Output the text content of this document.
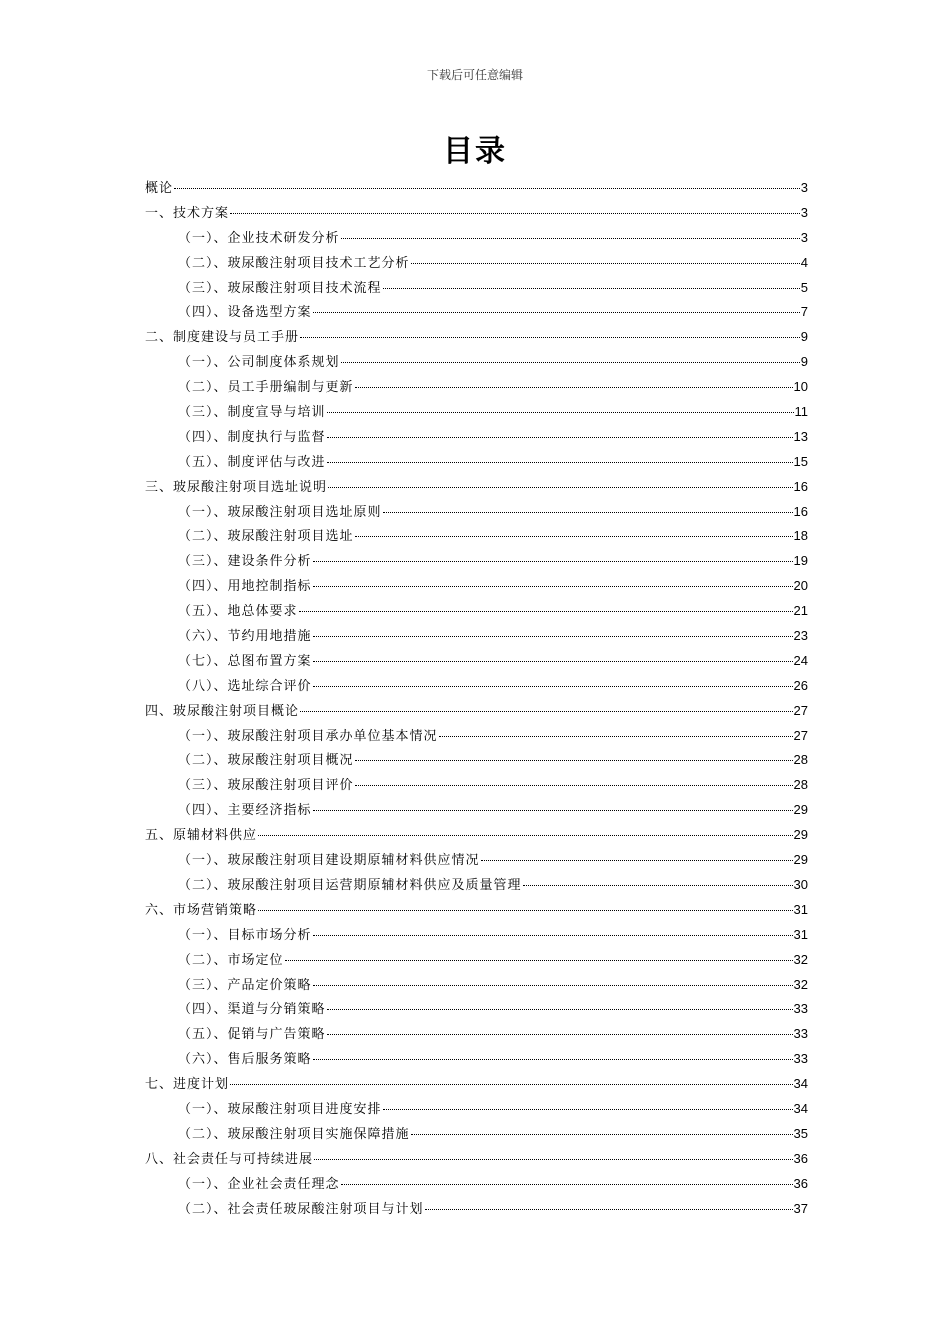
下载后可任意编辑
目录
概论	3
一、技术方案	3
（一）、企业技术研发分析	3
（二）、玻尿酸注射项目技术工艺分析	4
（三）、玻尿酸注射项目技术流程	5
（四）、设备选型方案	7
二、制度建设与员工手册	9
（一）、公司制度体系规划	9
（二）、员工手册编制与更新	10
（三）、制度宣导与培训	11
（四）、制度执行与监督	13
（五）、制度评估与改进	15
三、玻尿酸注射项目选址说明	16
（一）、玻尿酸注射项目选址原则	16
（二）、玻尿酸注射项目选址	18
（三）、建设条件分析	19
（四）、用地控制指标	20
（五）、地总体要求	21
（六）、节约用地措施	23
（七）、总图布置方案	24
（八）、选址综合评价	26
四、玻尿酸注射项目概论	27
（一）、玻尿酸注射项目承办单位基本情况	27
（二）、玻尿酸注射项目概况	28
（三）、玻尿酸注射项目评价	28
（四）、主要经济指标	29
五、原辅材料供应	29
（一）、玻尿酸注射项目建设期原辅材料供应情况	29
（二）、玻尿酸注射项目运营期原辅材料供应及质量管理	30
六、市场营销策略	31
（一）、目标市场分析	31
（二）、市场定位	32
（三）、产品定价策略	32
（四）、渠道与分销策略	33
（五）、促销与广告策略	33
（六）、售后服务策略	33
七、进度计划	34
（一）、玻尿酸注射项目进度安排	34
（二）、玻尿酸注射项目实施保障措施	35
八、社会责任与可持续进展	36
（一）、企业社会责任理念	36
（二）、社会责任玻尿酸注射项目与计划	37
